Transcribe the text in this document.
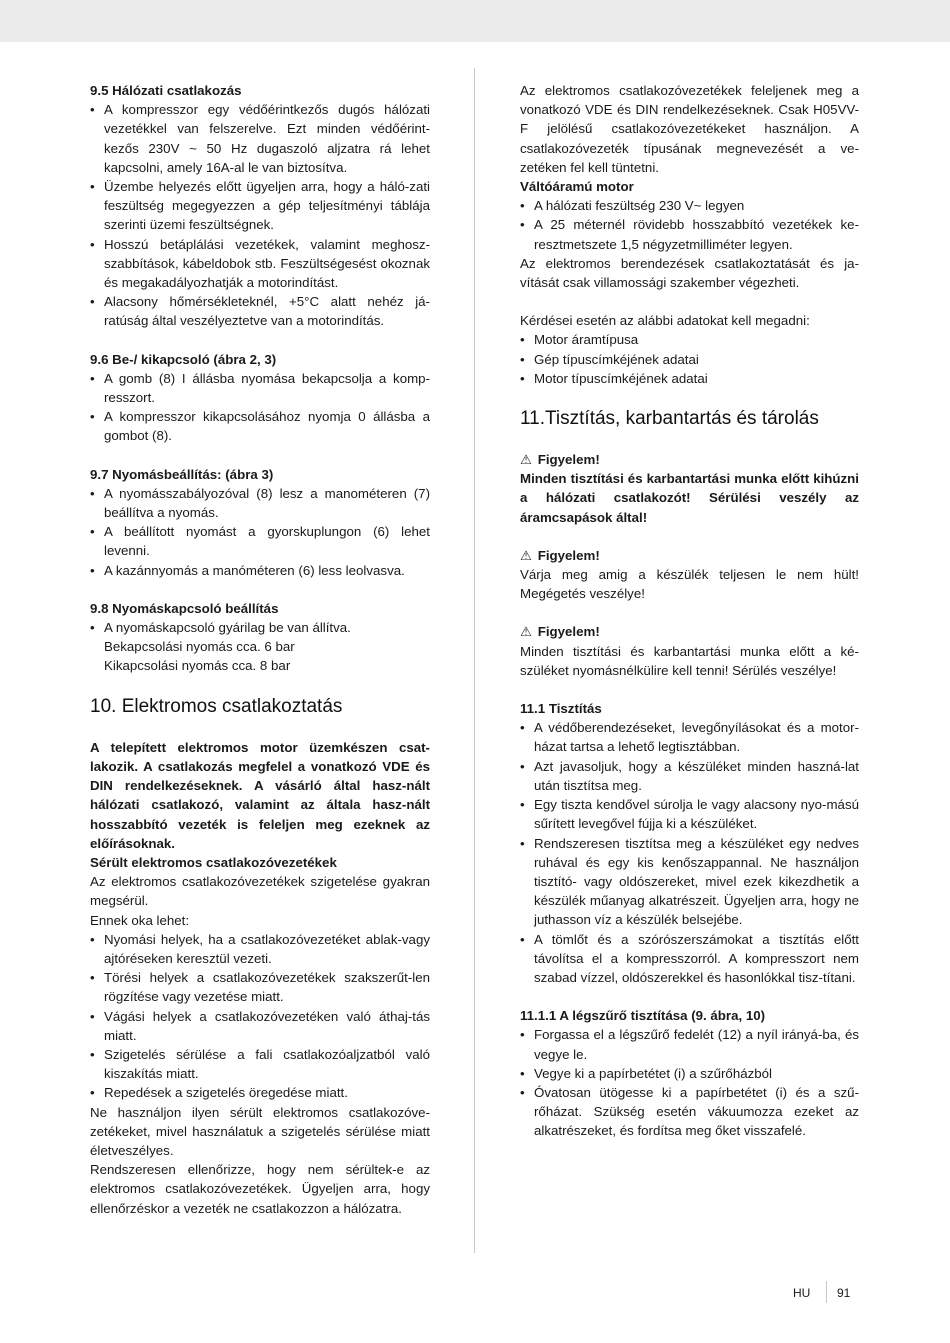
9.5 Hálózati csatlakozás

• A kompresszor egy védőérintkezős dugós hálózati vezetékkel van felszerelve. Ezt minden védőérint-kezős 230V ~ 50 Hz dugaszoló aljzatra rá lehet kapcsolni, amely 16A-al le van biztosítva.
• Üzembe helyezés előtt ügyeljen arra, hogy a háló-zati feszültség megegyezzen a gép teljesítményi táblája szerinti üzemi feszültségnek.
• Hosszú betáplálási vezetékek, valamint meghosz-szabbítások, kábeldobok stb. Feszültségesést okoznak és megakadályozhatják a motorindítást.
• Alacsony hőmérsékleteknél, +5°C alatt nehéz já-ratúság által veszélyeztetve van a motorindítás.

9.6 Be-/ kikapcsoló (ábra 2, 3)

• A gomb (8) I állásba nyomása bekapcsolja a komp-resszort.
• A kompresszor kikapcsolásához nyomja 0 állásba a gombot (8).

9.7 Nyomásbeállítás: (ábra 3)

• A nyomásszabályozóval (8) lesz a manométeren (7) beállítva a nyomás.
• A beállított nyomást a gyorskuplungon (6) lehet levenni.
• A kazánnyomás a manóméteren (6) less leolvasva.

9.8 Nyomáskapcsoló beállítás

• A nyomáskapcsoló gyárilag be van állítva.
Bekapcsolási nyomás cca. 6 bar
Kikapcsolási nyomás cca. 8 bar
10. Elektromos csatlakoztatás

A telepített elektromos motor üzemkészen csat-lakozik. A csatlakozás megfelel a vonatkozó VDE és DIN rendelkezéseknek. A vásárló által hasz-nált hálózati csatlakozó, valamint az általa hasz-nált hosszabbító vezeték is feleljen meg ezeknek az előírásoknak.

Sérült elektromos csatlakozóvezetékek

Az elektromos csatlakozóvezetékek szigetelése gyakran megsérül.

Ennek oka lehet:

• Nyomási helyek, ha a csatlakozóvezetéket ablak-vagy ajtóréseken keresztül vezeti.
• Törési helyek a csatlakozóvezetékek szakszerűt-len rögzítése vagy vezetése miatt.
• Vágási helyek a csatlakozóvezetéken való áthaj-tás miatt.
• Szigetelés sérülése a fali csatlakozóaljzatból való kiszakítás miatt.
• Repedések a szigetelés öregedése miatt.

Ne használjon ilyen sérült elektromos csatlakozóve-zetékeket, mivel használatuk a szigetelés sérülése miatt életveszélyes.

Rendszeresen ellenőrizze, hogy nem sérültek-e az elektromos csatlakozóvezetékek. Ügyeljen arra, hogy ellenőrzéskor a vezeték ne csatlakozzon a hálózatra.

Az elektromos csatlakozóvezetékek feleljenek meg a vonatkozó VDE és DIN rendelkezéseknek. Csak H05VV-F jelölésű csatlakozóvezetékeket használjon. A csatlakozóvezeték típusának megnevezését a ve-zetéken fel kell tüntetni.

Váltóáramú motor

• A hálózati feszültség 230 V~ legyen
• A 25 méternél rövidebb hosszabbító vezetékek ke-resztmetszete 1,5 négyzetmilliméter legyen.

Az elektromos berendezések csatlakoztatását és ja-vítását csak villamossági szakember végezheti.

Kérdései esetén az alábbi adatokat kell megadni:

• Motor áramtípusa
• Gép típuscímkéjének adatai
• Motor típuscímkéjének adatai
11.Tisztítás, karbantartás és tárolás

⚠ Figyelem!

Minden tisztítási és karbantartási munka előtt kihúzni a hálózati csatlakozót! Sérülési veszély az áramcsapások által!

⚠ Figyelem!

Várja meg amig a készülék teljesen le nem hült! Megégetés veszélye!

⚠ Figyelem!

Minden tisztítási és karbantartási munka előtt a ké-szüléket nyomásnélkülire kell tenni! Sérülés veszélye!

11.1 Tisztítás

• A védőberendezéseket, levegőnyílásokat és a motor-házat tartsa a lehető legtisztábban.
• Azt javasoljuk, hogy a készüléket minden haszná-lat után tisztítsa meg.
• Egy tiszta kendővel súrolja le vagy alacsony nyo-mású sűrített levegővel fújja ki a készüléket.
• Rendszeresen tisztítsa meg a készüléket egy nedves ruhával és egy kis kenőszappannal. Ne használjon tisztító- vagy oldószereket, mivel ezek kikezdhetik a készülék műanyag alkatrészeit. Ügyeljen arra, hogy ne juthasson víz a készülék belsejébe.
• A tömlőt és a szórószerszámokat a tisztítás előtt távolítsa el a kompresszorról. A kompresszort nem szabad vízzel, oldószerekkel és hasonlókkal tisz-títani.

11.1.1 A légszűrő tisztítása (9. ábra, 10)

• Forgassa el a légszűrő fedelét (12) a nyíl irányá-ba, és vegye le.
• Vegye ki a papírbetétet (i) a szűrőházból
• Óvatosan ütögesse ki a papírbetétet (i) és a szű-rőházat. Szükség esetén vákuumozza ezeket az alkatrészeket, és fordítsa meg őket visszafelé.
HU 91
